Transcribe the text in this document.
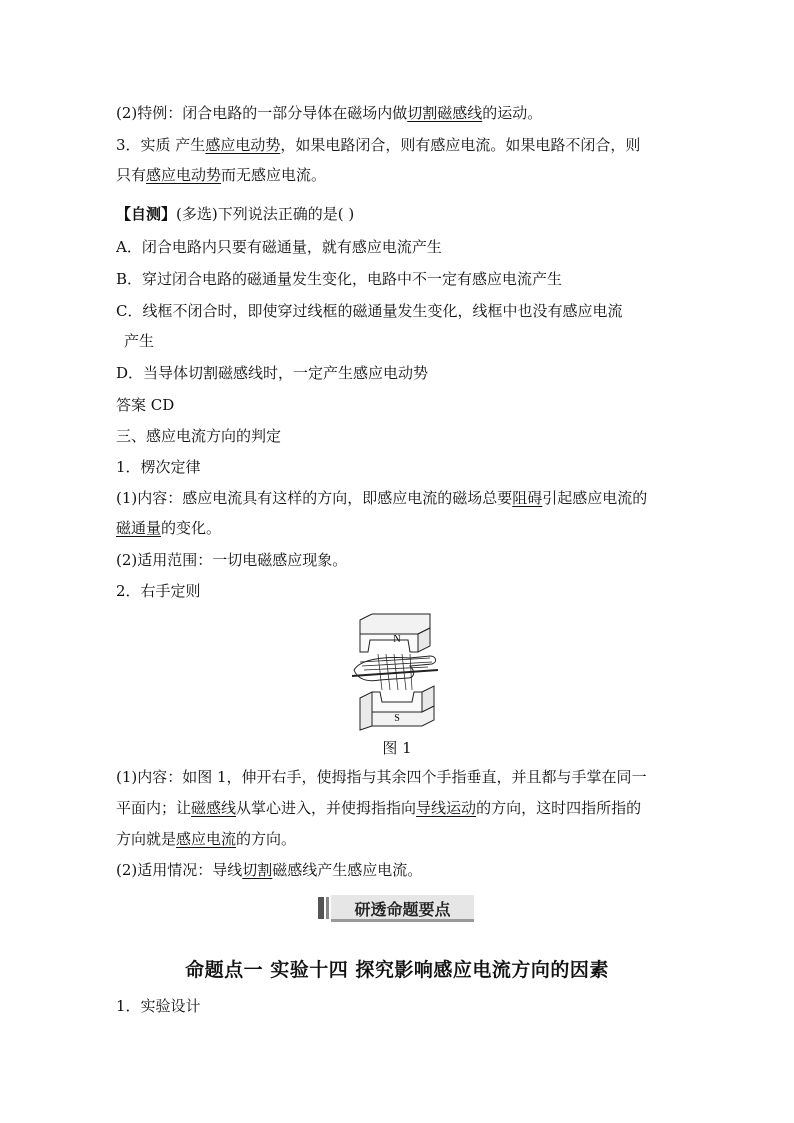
(2)特例：闭合电路的一部分导体在磁场内做切割磁感线的运动。
3．实质 产生感应电动势，如果电路闭合，则有感应电流。如果电路不闭合，则
只有感应电动势而无感应电流。
【自测】(多选)下列说法正确的是( )
A．闭合电路内只要有磁通量，就有感应电流产生
B．穿过闭合电路的磁通量发生变化，电路中不一定有感应电流产生
C．线框不闭合时，即使穿过线框的磁通量发生变化，线框中也没有感应电流
产生
D．当导体切割磁感线时，一定产生感应电动势
答案 CD
三、感应电流方向的判定
1．楞次定律
(1)内容：感应电流具有这样的方向，即感应电流的磁场总要阻碍引起感应电流的
磁通量的变化。
(2)适用范围：一切电磁感应现象。
2．右手定则
N
S
图 1
(1)内容：如图 1，伸开右手，使拇指与其余四个手指垂直，并且都与手掌在同一
平面内；让磁感线从掌心进入，并使拇指指向导线运动的方向，这时四指所指的
方向就是感应电流的方向。
(2)适用情况：导线切割磁感线产生感应电流。
研透命题要点
命题点一 实验十四 探究影响感应电流方向的因素
1．实验设计
